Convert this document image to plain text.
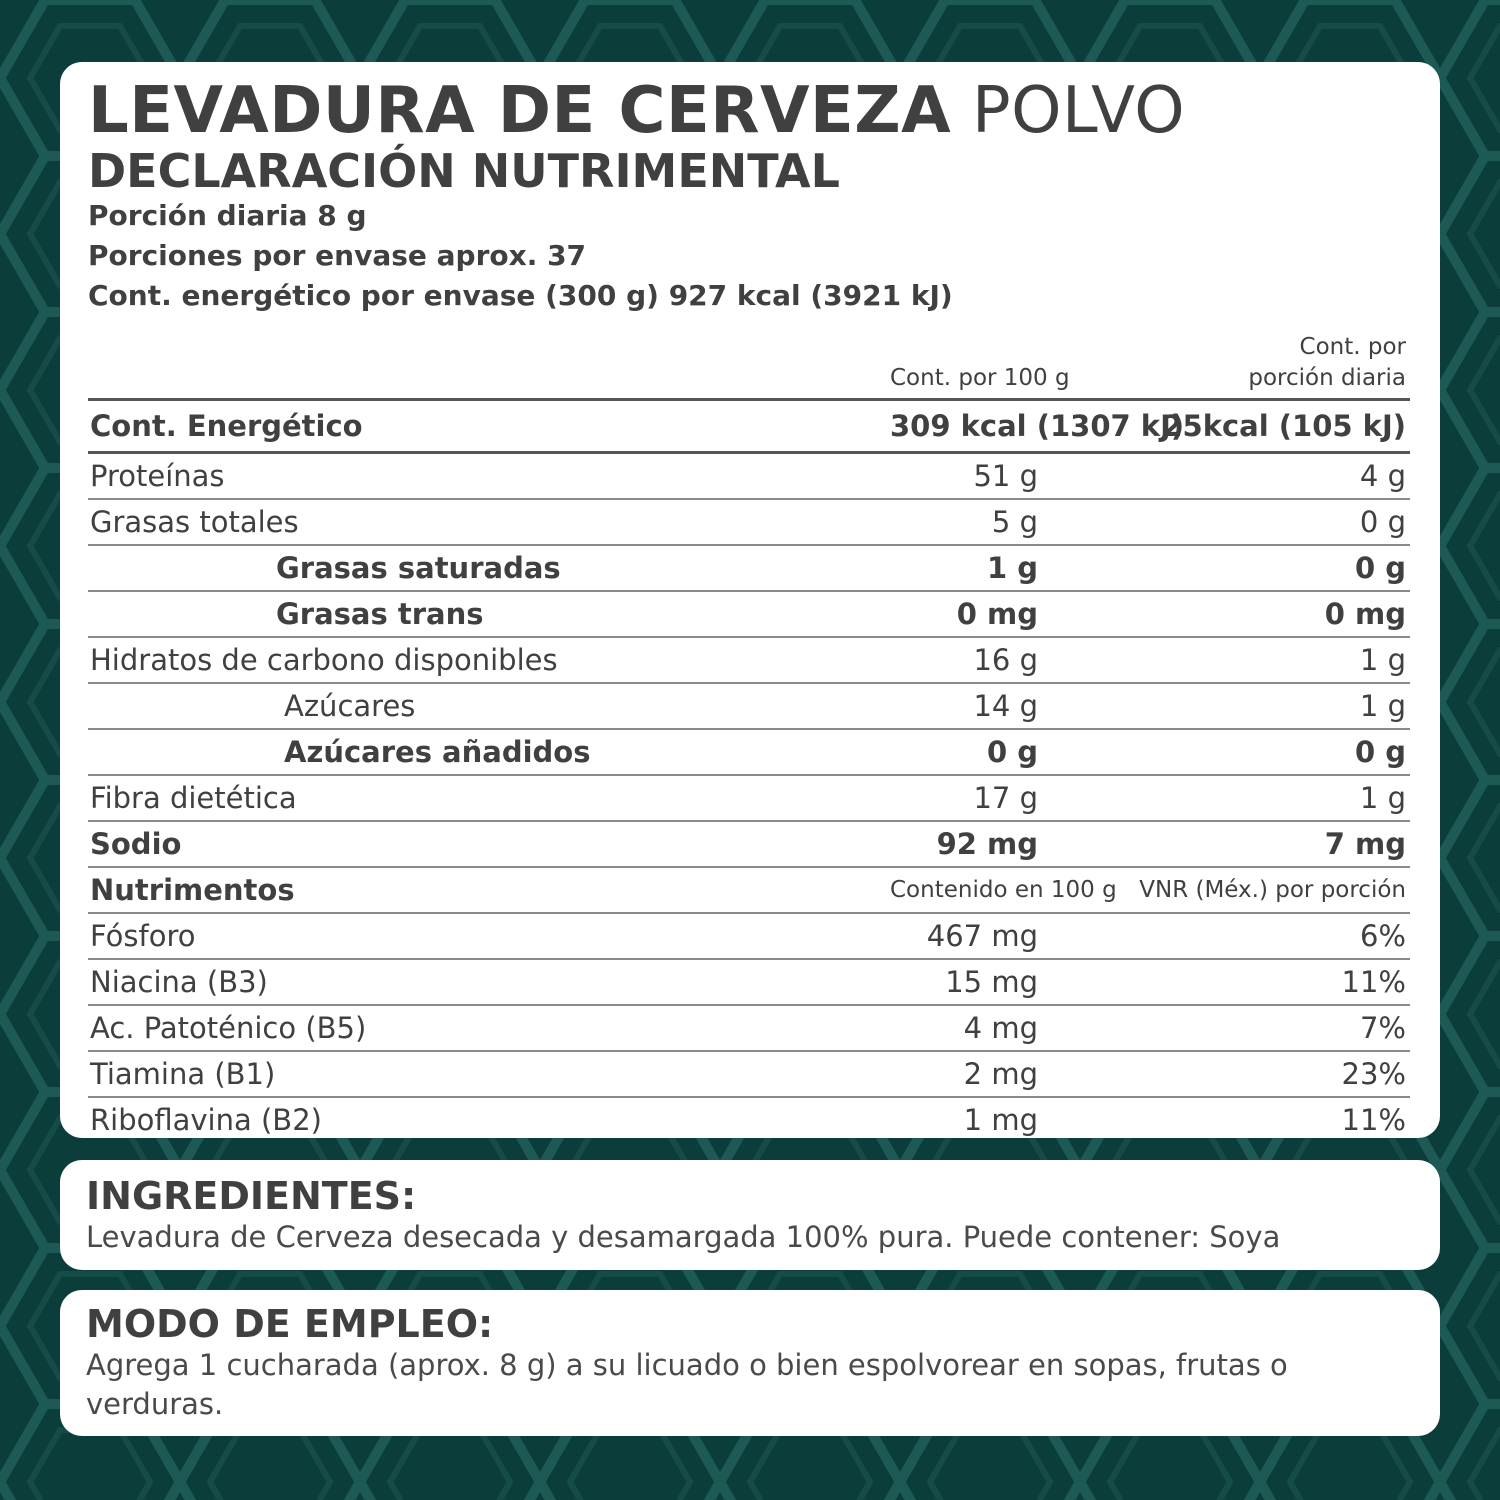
LEVADURA DE CERVEZA POLVO
DECLARACIÓN NUTRIMENTAL
Porción diaria 8 g
Porciones por envase aprox. 37
Cont. energético por envase (300 g) 927 kcal (3921 kJ)
	Cont. por 100 g	Cont. por
porción diaria
Cont. Energético	309 kcal (1307 kJ)	25kcal (105 kJ)
Proteínas	51 g	4 g
Grasas totales	5 g	0 g
Grasas saturadas	1 g	0 g
Grasas trans	0 mg	0 mg
Hidratos de carbono disponibles	16 g	1 g
Azúcares	14 g	1 g
Azúcares añadidos	0 g	0 g
Fibra dietética	17 g	1 g
Sodio	92 mg	7 mg
Nutrimentos	Contenido en 100 g	VNR (Méx.) por porción
Fósforo	467 mg	6%
Niacina (B3)	15 mg	11%
Ac. Patoténico (B5)	4 mg	7%
Tiamina (B1)	2 mg	23%
Riboflavina (B2)	1 mg	11%
INGREDIENTES:
Levadura de Cerveza desecada y desamargada 100% pura. Puede contener: Soya
MODO DE EMPLEO:
Agrega 1 cucharada (aprox. 8 g) a su licuado o bien espolvorear en sopas, frutas o verduras.
